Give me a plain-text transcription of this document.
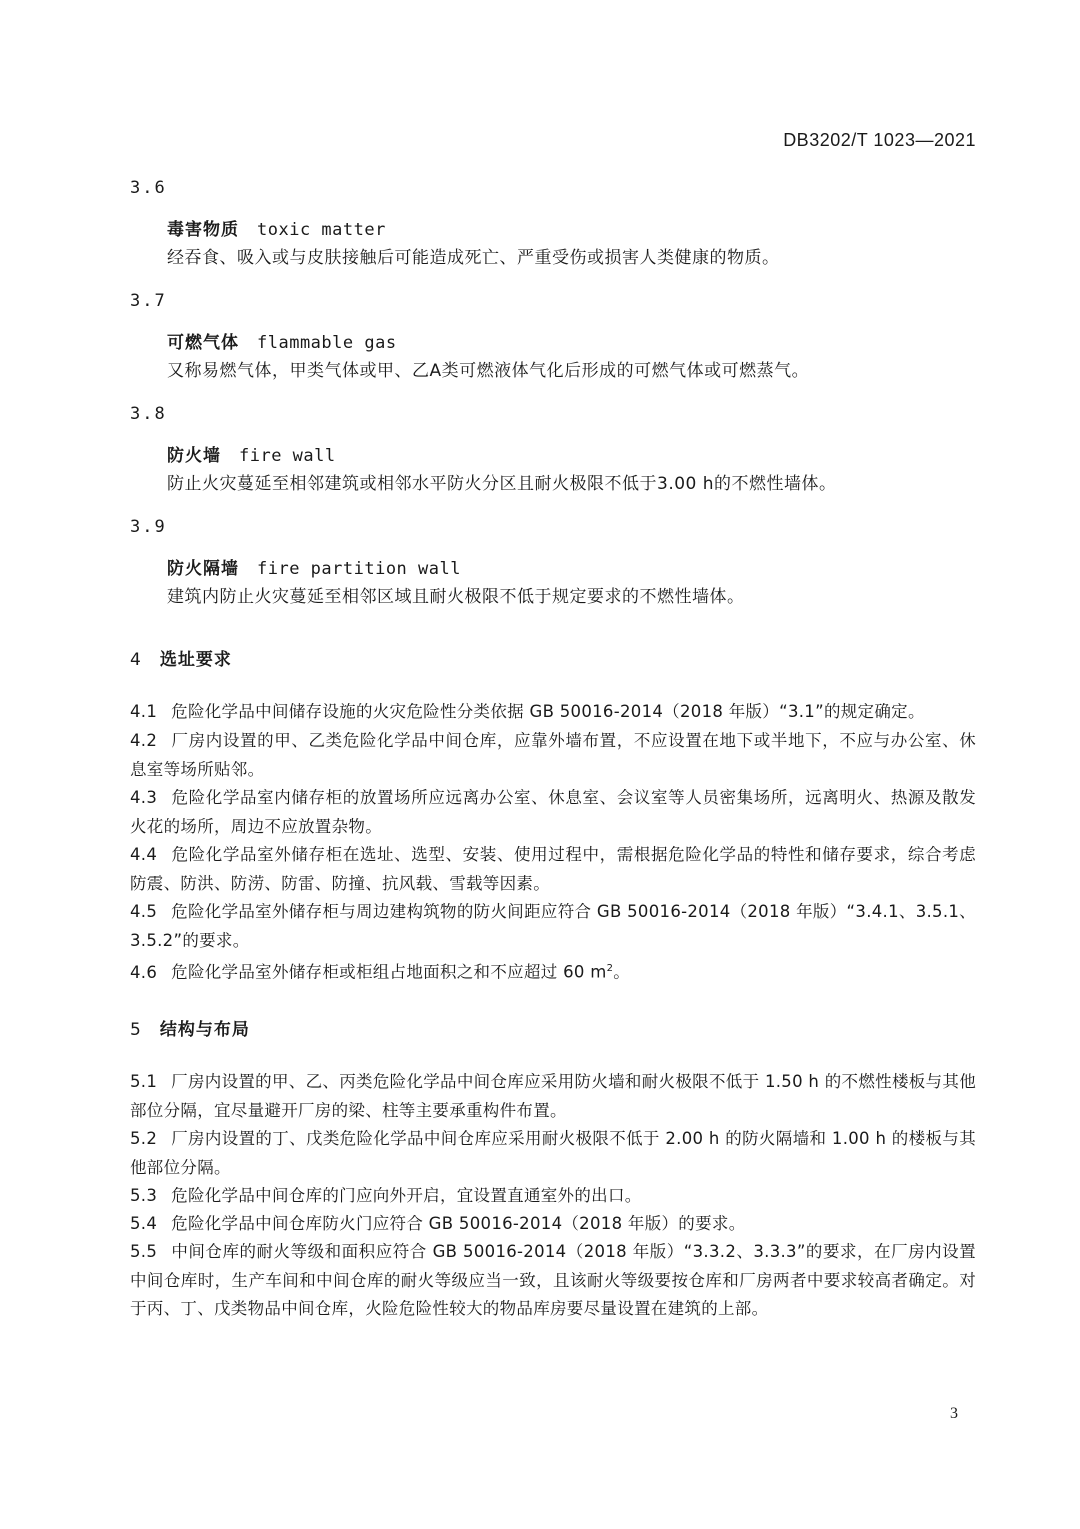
DB3202/T 1023—2021
3.6
毒害物质 toxic matter
经吞食、吸入或与皮肤接触后可能造成死亡、严重受伤或损害人类健康的物质。
3.7
可燃气体 flammable gas
又称易燃气体，甲类气体或甲、乙A类可燃液体气化后形成的可燃气体或可燃蒸气。
3.8
防火墙 fire wall
防止火灾蔓延至相邻建筑或相邻水平防火分区且耐火极限不低于3.00 h的不燃性墙体。
3.9
防火隔墙 fire partition wall
建筑内防止火灾蔓延至相邻区域且耐火极限不低于规定要求的不燃性墙体。
4 选址要求
4.1 危险化学品中间储存设施的火灾危险性分类依据 GB 50016-2014（2018 年版）“3.1”的规定确定。
4.2 厂房内设置的甲、乙类危险化学品中间仓库，应靠外墙布置，不应设置在地下或半地下，不应与办公室、休息室等场所贴邻。
4.3 危险化学品室内储存柜的放置场所应远离办公室、休息室、会议室等人员密集场所，远离明火、热源及散发火花的场所，周边不应放置杂物。
4.4 危险化学品室外储存柜在选址、选型、安装、使用过程中，需根据危险化学品的特性和储存要求，综合考虑防震、防洪、防涝、防雷、防撞、抗风载、雪载等因素。
4.5 危险化学品室外储存柜与周边建构筑物的防火间距应符合 GB 50016-2014（2018 年版）“3.4.1、3.5.1、3.5.2”的要求。
4.6 危险化学品室外储存柜或柜组占地面积之和不应超过 60 $m^2$。
5 结构与布局
5.1 厂房内设置的甲、乙、丙类危险化学品中间仓库应采用防火墙和耐火极限不低于 1.50 h 的不燃性楼板与其他部位分隔，宜尽量避开厂房的梁、柱等主要承重构件布置。
5.2 厂房内设置的丁、戊类危险化学品中间仓库应采用耐火极限不低于 2.00 h 的防火隔墙和 1.00 h 的楼板与其他部位分隔。
5.3 危险化学品中间仓库的门应向外开启，宜设置直通室外的出口。
5.4 危险化学品中间仓库防火门应符合 GB 50016-2014（2018 年版）的要求。
5.5 中间仓库的耐火等级和面积应符合 GB 50016-2014（2018 年版）“3.3.2、3.3.3”的要求，在厂房内设置中间仓库时，生产车间和中间仓库的耐火等级应当一致，且该耐火等级要按仓库和厂房两者中要求较高者确定。对于丙、丁、戊类物品中间仓库，火险危险性较大的物品库房要尽量设置在建筑的上部。
3
